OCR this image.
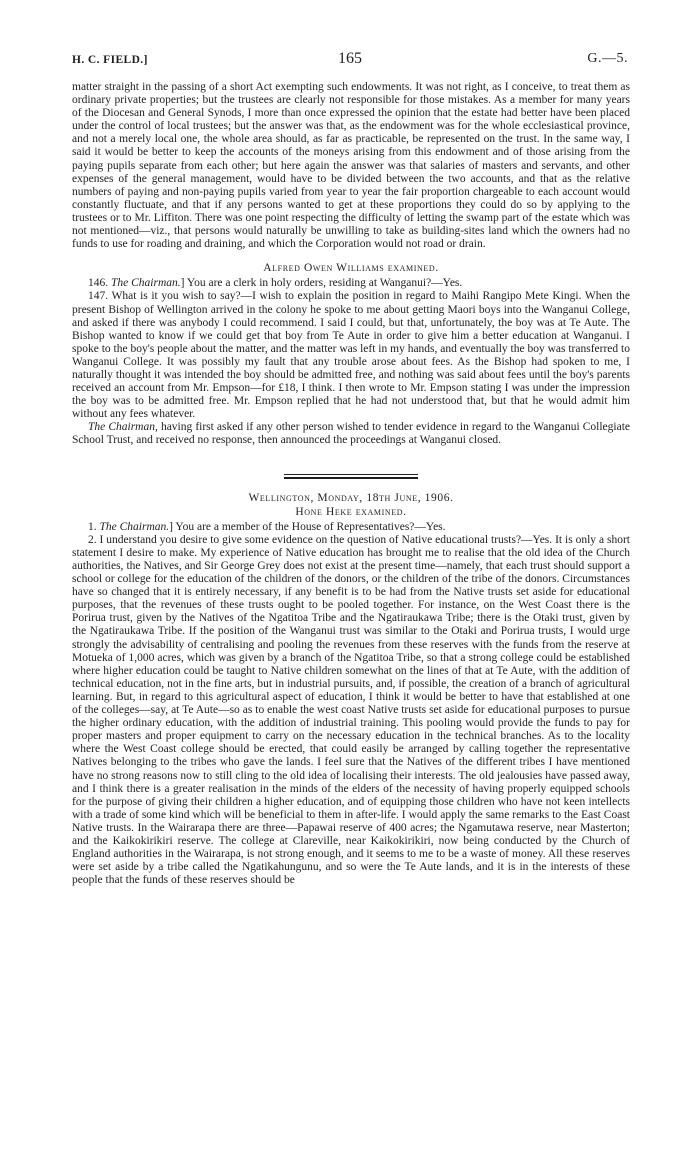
H. C. FIELD.]	165	G.—5.

matter straight in the passing of a short Act exempting such endowments. It was not right, as I conceive, to treat them as ordinary private properties; but the trustees are clearly not responsible for those mistakes. As a member for many years of the Diocesan and General Synods, I more than once expressed the opinion that the estate had better have been placed under the control of local trustees; but the answer was that, as the endowment was for the whole ecclesiastical province, and not a merely local one, the whole area should, as far as practicable, be represented on the trust. In the same way, I said it would be better to keep the accounts of the moneys arising from this endowment and of those arising from the paying pupils separate from each other; but here again the answer was that salaries of masters and servants, and other expenses of the general management, would have to be divided between the two accounts, and that as the relative numbers of paying and non-paying pupils varied from year to year the fair proportion chargeable to each account would constantly fluctuate, and that if any persons wanted to get at these proportions they could do so by applying to the trustees or to Mr. Liffiton. There was one point respecting the difficulty of letting the swamp part of the estate which was not mentioned—viz., that persons would naturally be unwilling to take as building-sites land which the owners had no funds to use for roading and draining, and which the Corporation would not road or drain.

Alfred Owen Williams examined.

146. The Chairman.] You are a clerk in holy orders, residing at Wanganui?—Yes.

147. What is it you wish to say?—I wish to explain the position in regard to Maihi Rangipo Mete Kingi. When the present Bishop of Wellington arrived in the colony he spoke to me about getting Maori boys into the Wanganui College, and asked if there was anybody I could recommend. I said I could, but that, unfortunately, the boy was at Te Aute. The Bishop wanted to know if we could get that boy from Te Aute in order to give him a better education at Wanganui. I spoke to the boy's people about the matter, and the matter was left in my hands, and eventually the boy was transferred to Wanganui College. It was possibly my fault that any trouble arose about fees. As the Bishop had spoken to me, I naturally thought it was intended the boy should be admitted free, and nothing was said about fees until the boy's parents received an account from Mr. Empson—for £18, I think. I then wrote to Mr. Empson stating I was under the impression the boy was to be admitted free. Mr. Empson replied that he had not understood that, but that he would admit him without any fees whatever.

The Chairman, having first asked if any other person wished to tender evidence in regard to the Wanganui Collegiate School Trust, and received no response, then announced the proceedings at Wanganui closed.

Wellington, Monday, 18th June, 1906.

Hone Heke examined.

1. The Chairman.] You are a member of the House of Representatives?—Yes.

2. I understand you desire to give some evidence on the question of Native educational trusts?—Yes. It is only a short statement I desire to make. My experience of Native education has brought me to realise that the old idea of the Church authorities, the Natives, and Sir George Grey does not exist at the present time—namely, that each trust should support a school or college for the education of the children of the donors, or the children of the tribe of the donors. Circumstances have so changed that it is entirely necessary, if any benefit is to be had from the Native trusts set aside for educational purposes, that the revenues of these trusts ought to be pooled together. For instance, on the West Coast there is the Porirua trust, given by the Natives of the Ngatitoa Tribe and the Ngatiraukawa Tribe; there is the Otaki trust, given by the Ngatiraukawa Tribe. If the position of the Wanganui trust was similar to the Otaki and Porirua trusts, I would urge strongly the advisability of centralising and pooling the revenues from these reserves with the funds from the reserve at Motueka of 1,000 acres, which was given by a branch of the Ngatitoa Tribe, so that a strong college could be established where higher education could be taught to Native children somewhat on the lines of that at Te Aute, with the addition of technical education, not in the fine arts, but in industrial pursuits, and, if possible, the creation of a branch of agricultural learning. But, in regard to this agricultural aspect of education, I think it would be better to have that established at one of the colleges—say, at Te Aute—so as to enable the west coast Native trusts set aside for educational purposes to pursue the higher ordinary education, with the addition of industrial training. This pooling would provide the funds to pay for proper masters and proper equipment to carry on the necessary education in the technical branches. As to the locality where the West Coast college should be erected, that could easily be arranged by calling together the representative Natives belonging to the tribes who gave the lands. I feel sure that the Natives of the different tribes I have mentioned have no strong reasons now to still cling to the old idea of localising their interests. The old jealousies have passed away, and I think there is a greater realisation in the minds of the elders of the necessity of having properly equipped schools for the purpose of giving their children a higher education, and of equipping those children who have not keen intellects with a trade of some kind which will be beneficial to them in after-life. I would apply the same remarks to the East Coast Native trusts. In the Wairarapa there are three—Papawai reserve of 400 acres; the Ngamutawa reserve, near Masterton; and the Kaikokirikiri reserve. The college at Clareville, near Kaikokirikiri, now being conducted by the Church of England authorities in the Wairarapa, is not strong enough, and it seems to me to be a waste of money. All these reserves were set aside by a tribe called the Ngatikahungunu, and so were the Te Aute lands, and it is in the interests of these people that the funds of these reserves should be
